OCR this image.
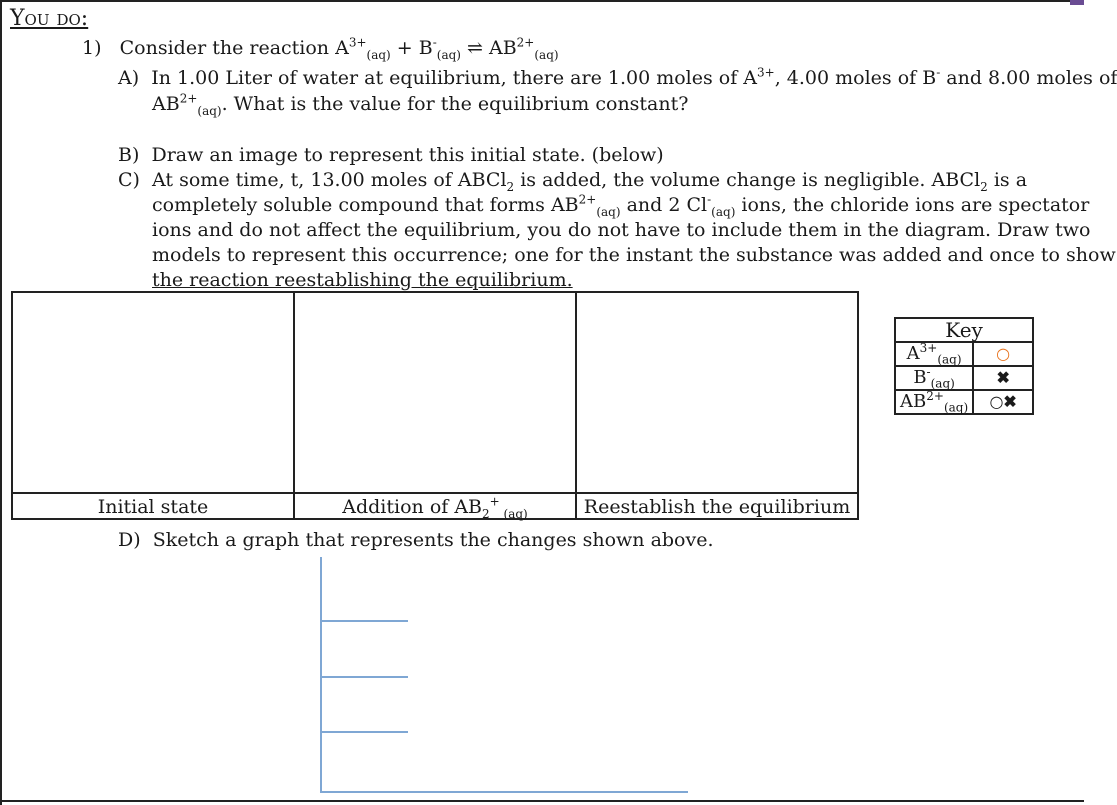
You do:
1) Consider the reaction $A^{3+}_{(aq)} + B^-_{(aq)}$ ⇌ $AB^{2+}_{(aq)}$
A) In 1.00 Liter of water at equilibrium, there are 1.00 moles of $A^{3+}$, 4.00 moles of B- and 8.00 moles of
$AB^{2+}_{(aq)}$. What is the value for the equilibrium constant?
B) Draw an image to represent this initial state. (below)
C) At some time, t, 13.00 moles of ABCl$_2$ is added, the volume change is negligible. ABCl$_2$ is a
completely soluble compound that forms $AB^{2+}_{(aq)}$ and 2 $Cl^-_{(aq)}$ ions, the chloride ions are spectator
ions and do not affect the equilibrium, you do not have to include them in the diagram. Draw two
models to represent this occurrence; one for the instant the substance was added and once to show
the reaction reestablishing the equilibrium.

Initial state	Addition of $AB_2^+$ $_{(aq)}$	Reestablish the equilibrium
Key	
$A^{3+}_{(aq)}$	○
$B^-_{(aq)}$	✖
$AB^{2+}_{(aq)}$	○✖
D) Sketch a graph that represents the changes shown above.
